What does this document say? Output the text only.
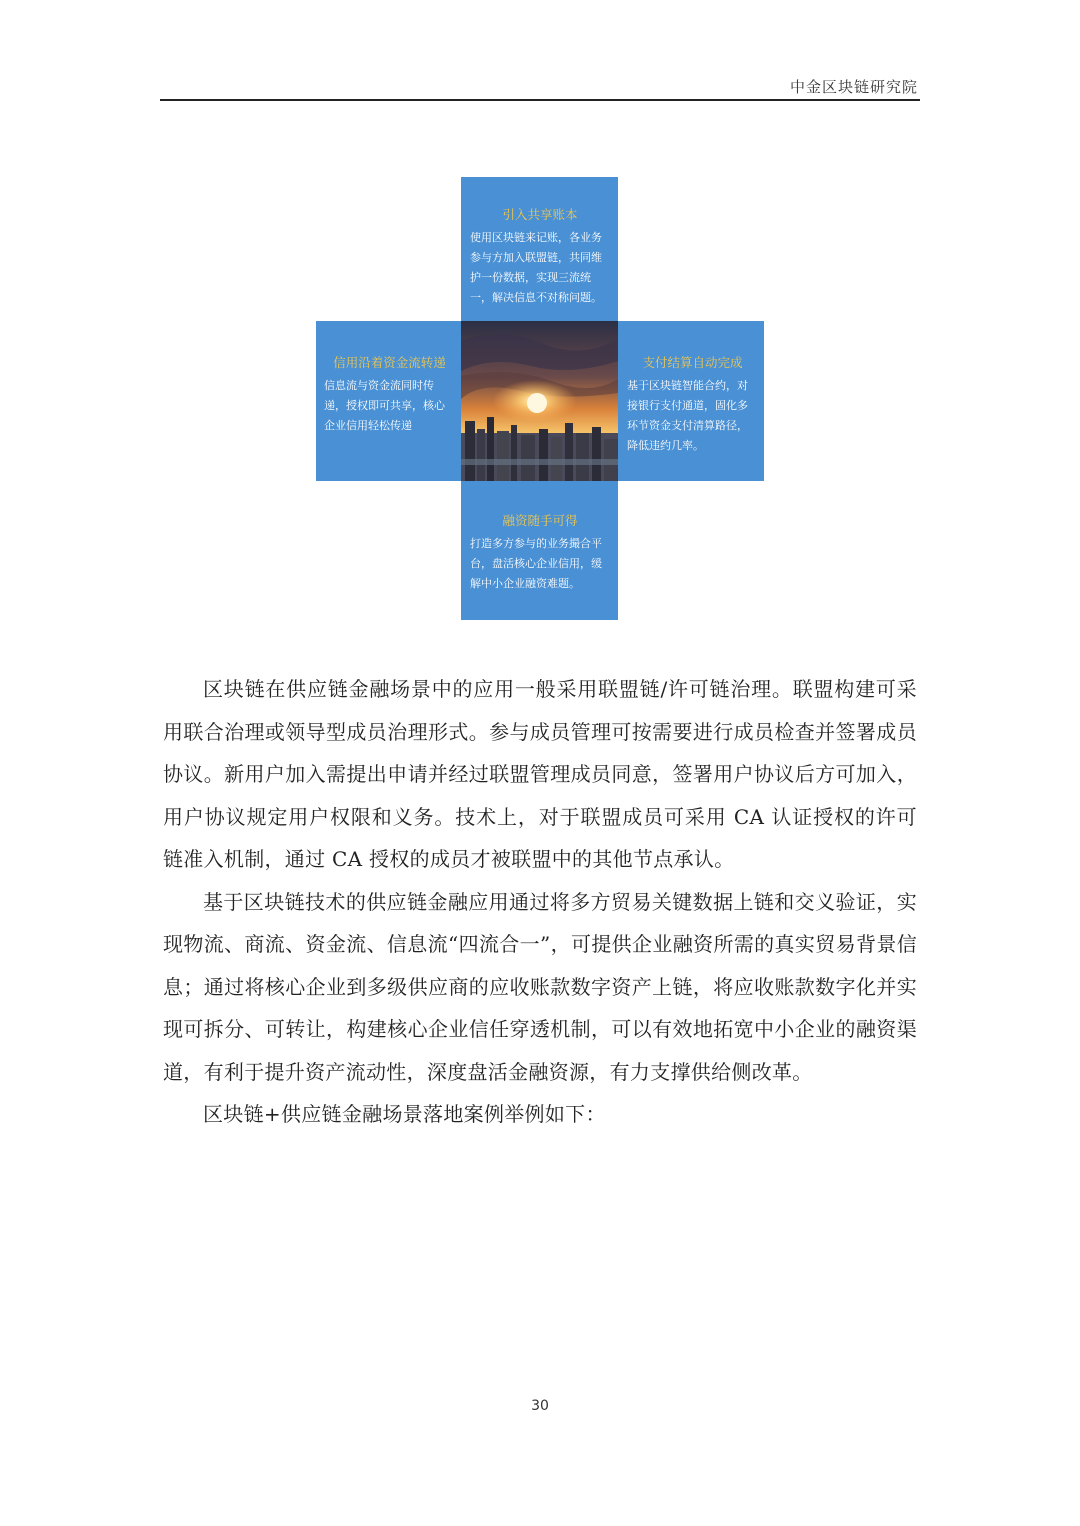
中金区块链研究院
引入共享账本
使用区块链来记账，各业务参与方加入联盟链，共同维护一份数据，实现三流统一，解决信息不对称问题。
信用沿着资金流转递
信息流与资金流同时传递，授权即可共享，核心企业信用轻松传递
支付结算自动完成
基于区块链智能合约，对接银行支付通道，固化多环节资金支付清算路径，降低违约几率。
融资随手可得
打造多方参与的业务撮合平台，盘活核心企业信用，缓解中小企业融资难题。

区块链在供应链金融场景中的应用一般采用联盟链/许可链治理。联盟构建可采用联合治理或领导型成员治理形式。参与成员管理可按需要进行成员检查并签署成员协议。新用户加入需提出申请并经过联盟管理成员同意，签署用户协议后方可加入，用户协议规定用户权限和义务。技术上，对于联盟成员可采用 CA 认证授权的许可链准入机制，通过 CA 授权的成员才被联盟中的其他节点承认。

基于区块链技术的供应链金融应用通过将多方贸易关键数据上链和交义验证，实现物流、商流、资金流、信息流“四流合一”，可提供企业融资所需的真实贸易背景信息；通过将核心企业到多级供应商的应收账款数字资产上链，将应收账款数字化并实现可拆分、可转让，构建核心企业信任穿透机制，可以有效地拓宽中小企业的融资渠道，有利于提升资产流动性，深度盘活金融资源，有力支撑供给侧改革。

区块链+供应链金融场景落地案例举例如下：

30
